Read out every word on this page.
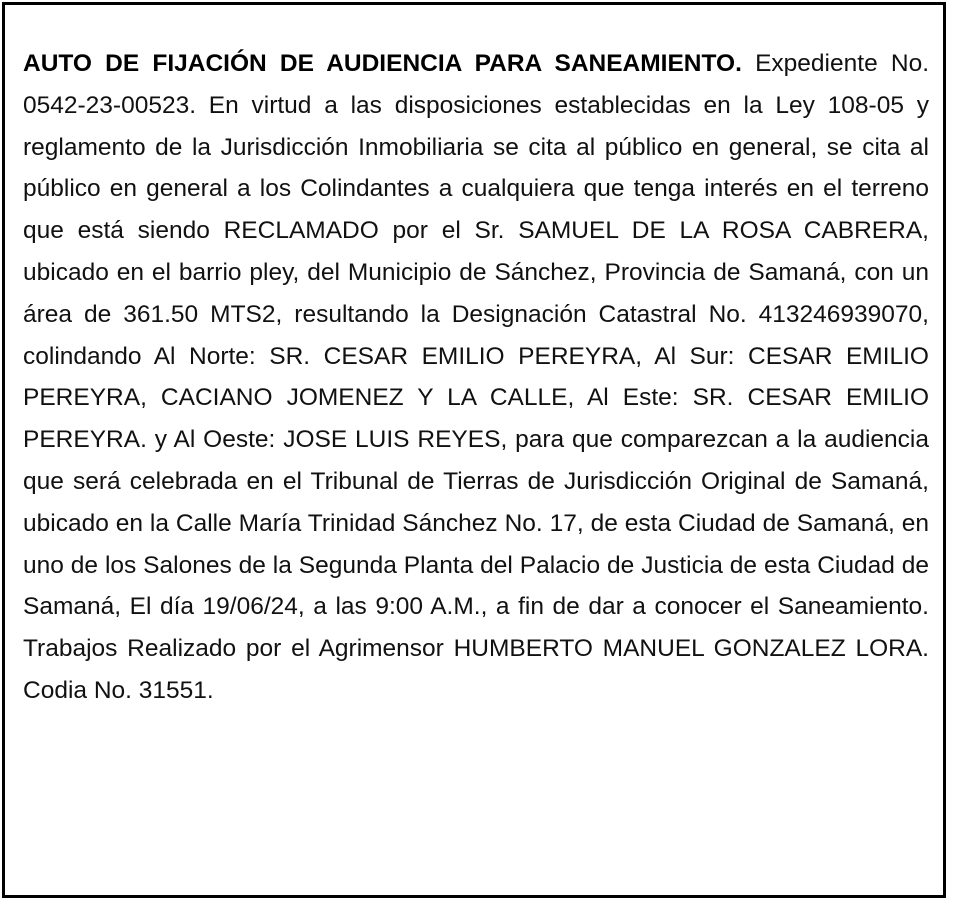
AUTO DE FIJACIÓN DE AUDIENCIA PARA SANEAMIENTO. Expediente No. 0542-23-00523. En virtud a las disposiciones establecidas en la Ley 108-05 y reglamento de la Jurisdicción Inmobiliaria se cita al público en general, se cita al público en general a los Colindantes a cualquiera que tenga interés en el terreno que está siendo RECLAMADO por el Sr. SAMUEL DE LA ROSA CABRERA, ubicado en el barrio pley, del Municipio de Sánchez, Provincia de Samaná, con un área de 361.50 MTS2, resultando la Designación Catastral No. 413246939070, colindando Al Norte: SR. CESAR EMILIO PEREYRA, Al Sur: CESAR EMILIO PEREYRA, CACIANO JOMENEZ Y LA CALLE, Al Este: SR. CESAR EMILIO PEREYRA. y Al Oeste: JOSE LUIS REYES, para que comparezcan a la audiencia que será celebrada en el Tribunal de Tierras de Jurisdicción Original de Samaná, ubicado en la Calle María Trinidad Sánchez No. 17, de esta Ciudad de Samaná, en uno de los Salones de la Segunda Planta del Palacio de Justicia de esta Ciudad de Samaná, El día 19/06/24, a las 9:00 A.M., a fin de dar a conocer el Saneamiento. Trabajos Realizado por el Agrimensor HUMBERTO MANUEL GONZALEZ LORA. Codia No. 31551.
